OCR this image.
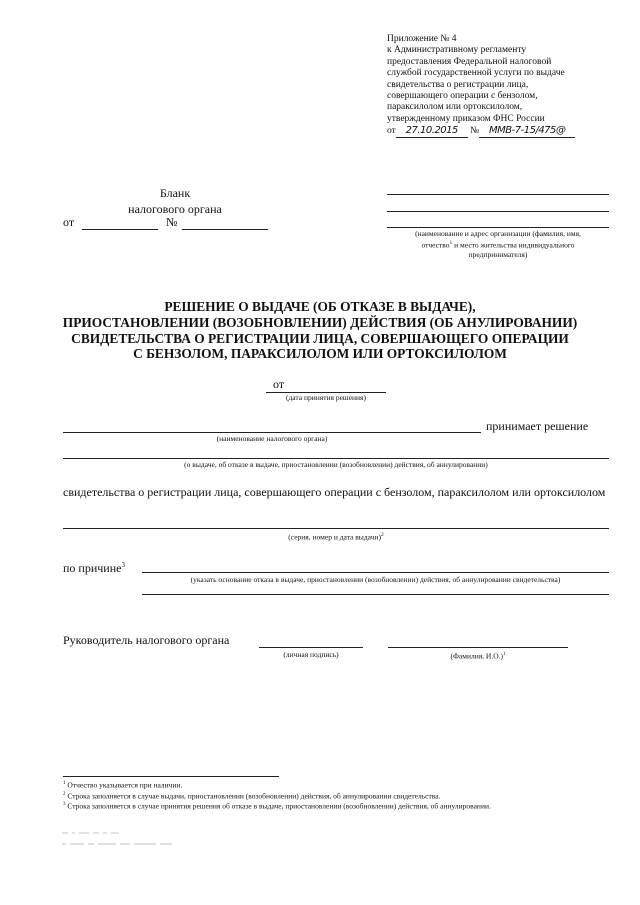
Приложение № 4
к Административному регламенту
предоставления Федеральной налоговой
службой государственной услуги по выдаче
свидетельства о регистрации лица,
совершающего операции с бензолом,
параксилолом или ортоксилолом,
утвержденному приказом ФНС России
от 27.10.2015 № ММВ-7-15/475@
Бланк
налогового органа
от	№
(наименование и адрес организации (фамилия, имя,
отчество$^1$ и место жительства индивидуального
предпринимателя)
РЕШЕНИЕ О ВЫДАЧЕ (ОБ ОТКАЗЕ В ВЫДАЧЕ),
ПРИОСТАНОВЛЕНИИ (ВОЗОБНОВЛЕНИИ) ДЕЙСТВИЯ (ОБ АНУЛИРОВАНИИ)
СВИДЕТЕЛЬСТВА О РЕГИСТРАЦИИ ЛИЦА, СОВЕРШАЮЩЕГО ОПЕРАЦИИ
С БЕНЗОЛОМ, ПАРАКСИЛОЛОМ ИЛИ ОРТОКСИЛОЛОМ
от
(дата принятия решения)
принимает решение
(наименование налогового органа)
(о выдаче, об отказе в выдаче, приостановлении (возобновлении) действия, об аннулировании)
свидетельства о регистрации лица, совершающего операции с бензолом, параксилолом или ортоксилолом
(серия, номер и дата выдачи)$^2$
по причине$^3$
(указать основание отказа в выдаче, приостановлении (возобновлении) действия, об аннулировании свидетельства)
Руководитель налогового органа
(личная подпись)	(Фамилия, И.О.)$^1$
$^1$ Отчество указывается при наличии.
$^2$ Строка заполняется в случае выдачи, приостановлении (возобновлении) действия, об аннулировании свидетельства.
$^3$ Строка заполняется в случае принятия решения об отказе в выдаче, приостановлении (возобновлении) действия, об аннулировании.
